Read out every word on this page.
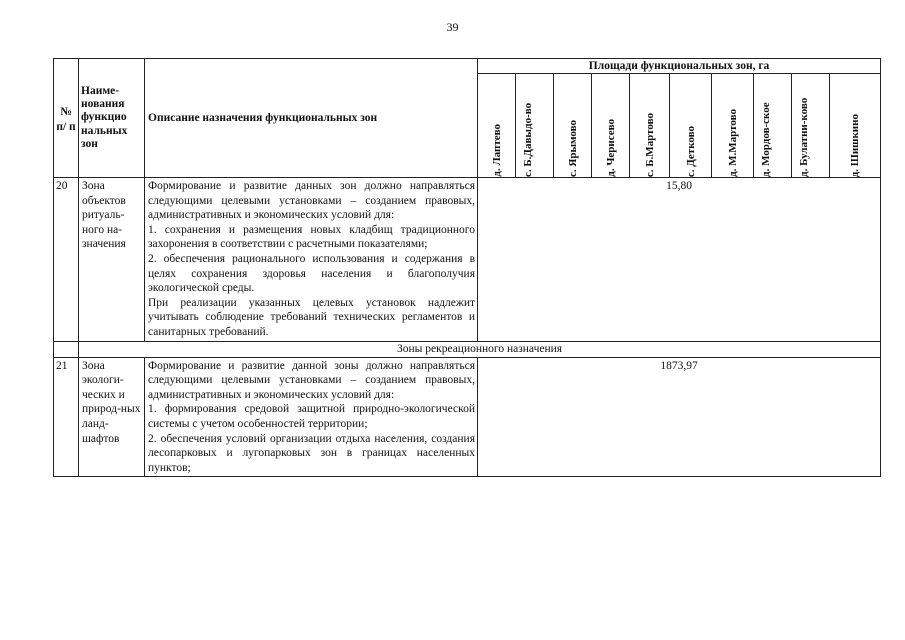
39
№ п/ п	Наиме-нования функцио нальных зон	Описание назначения функциональных зон	Площади функциональных зон, га									

			д. Лаптево	с. Б.Давыдо-во	с. Ярымово	д. Черисево	с. Б.Мартово	с. Детково	д. М.Мартово	д. Мордов-ское	д. Булатни-ково	д. Шишкино

20	Зона объектов ритуаль-ного на-значения	Формирование и развитие данных зон должно направляться следующими целевыми установками – созданием правовых, административных и экономических условий для:

1. сохранения и размещения новых кладбищ традиционного захоронения в соответствии с расчетными показателями;

2. обеспечения рационального использования и содержания в целях сохранения здоровья населения и благополучия экологической среды.

При реализации указанных целевых установок надлежит учитывать соблюдение требований технических регламентов и санитарных требований.	15,80									
	Зоны рекреационного назначения											
21	Зона экологи-ческих и природ-ных ланд-шафтов	Формирование и развитие данной зоны должно направляться следующими целевыми установками – созданием правовых, административных и экономических условий для:

1. формирования средовой защитной природно-экологической системы с учетом особенностей территории;

2. обеспечения условий организации отдыха населения, создания лесопарковых и лугопарковых зон в границах населенных пунктов;	1873,97									
